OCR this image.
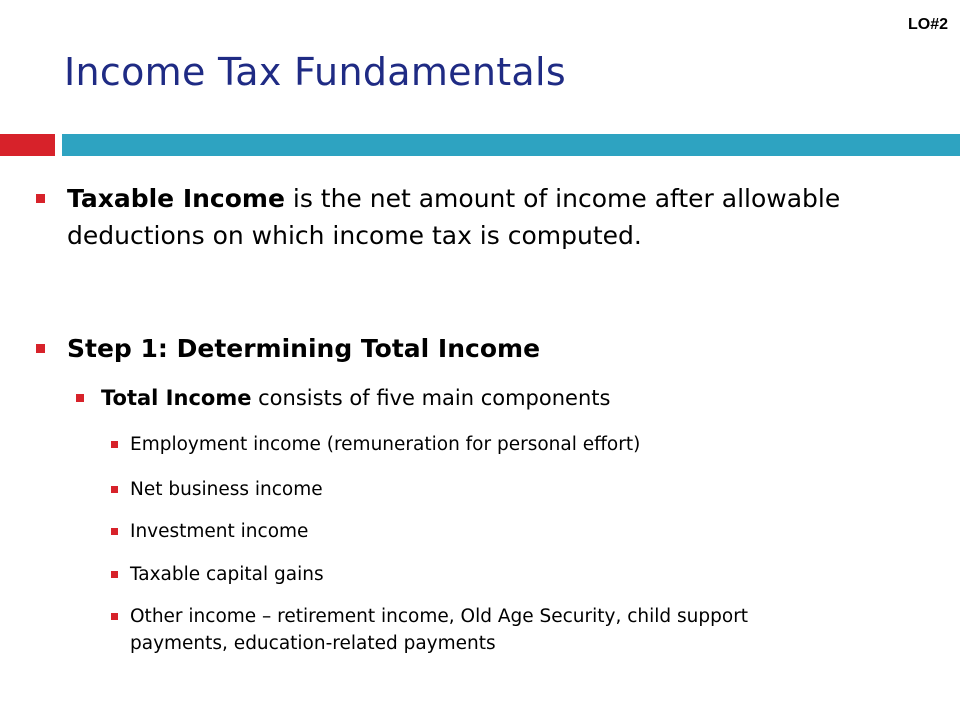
LO#2
Income Tax Fundamentals
Taxable Income is the net amount of income after allowable deductions on which income tax is computed.
Step 1: Determining Total Income
Total Income consists of five main components
Employment income (remuneration for personal effort)
Net business income
Investment income
Taxable capital gains
Other income – retirement income, Old Age Security, child support payments, education-related payments
